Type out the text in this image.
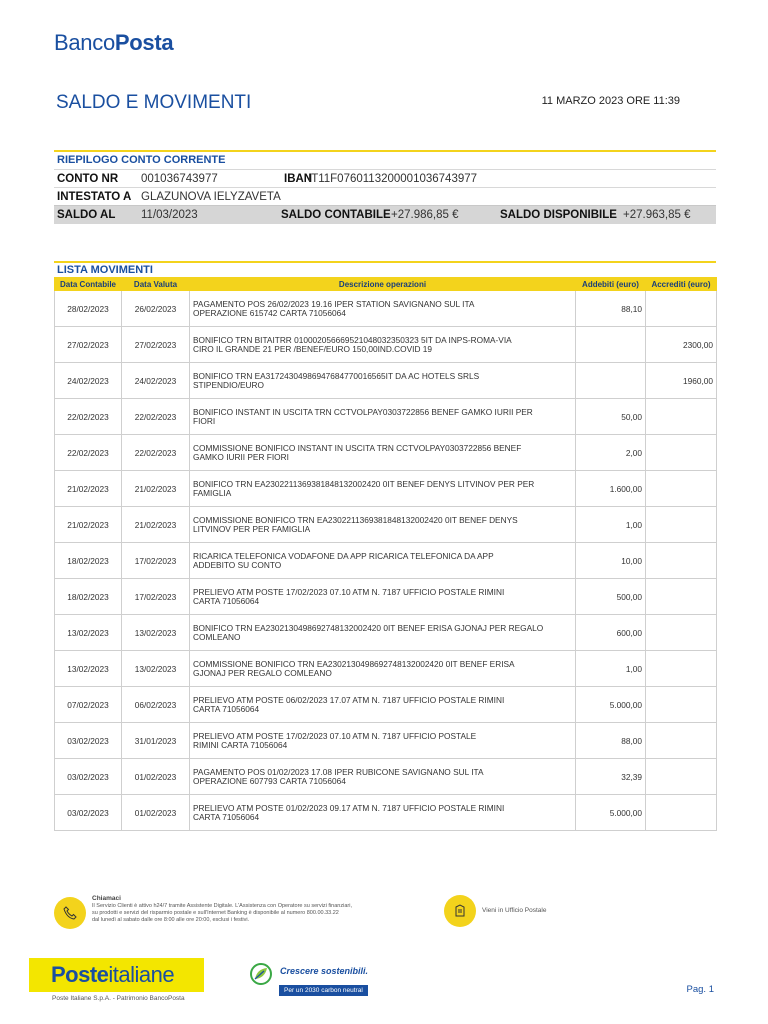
BancoPosta
SALDO E MOVIMENTI	11 MARZO 2023 ORE 11:39
RIEPILOGO CONTO CORRENTE
CONTO NR	001036743977	IBAN
IT11F0760113200001036743977
INTESTATO A GLAZUNOVA IELYZAVETA
SALDO AL	11/03/2023	SALDO CONTABILE +27.986,85 €	SALDO DISPONIBILE +27.963,85 €
LISTA MOVIMENTI
Data Contabile	Data Valuta	Descrizione operazioni	Addebiti (euro)	Accrediti (euro)
28/02/2023	26/02/2023	PAGAMENTO POS 26/02/2023 19.16 IPER STATION SAVIGNANO SUL ITA
OPERAZIONE 615742 CARTA 71056064	88,10	
27/02/2023	27/02/2023	BONIFICO TRN BITAITRR 010002056669521048032350323 5IT DA INPS-ROMA-VIA
CIRO IL GRANDE 21 PER /BENEF/EURO 150,00IND.COVID 19		2300,00
24/02/2023	24/02/2023	BONIFICO TRN EA31724304986947684770016565IT DA AC HOTELS SRLS
STIPENDIO/EURO		1960,00
22/02/2023	22/02/2023	BONIFICO INSTANT IN USCITA TRN CCTVOLPAY0303722856 BENEF GAMKO IURII PER
FIORI	50,00	
22/02/2023	22/02/2023	COMMISSIONE BONIFICO INSTANT IN USCITA TRN CCTVOLPAY0303722856 BENEF
GAMKO IURII PER FIORI	2,00	
21/02/2023	21/02/2023	BONIFICO TRN EA2302211369381848132002420 0IT BENEF DENYS LITVINOV PER PER
FAMIGLIA	1.600,00	
21/02/2023	21/02/2023	COMMISSIONE BONIFICO TRN EA2302211369381848132002420 0IT BENEF DENYS
LITVINOV PER PER FAMIGLIA	1,00	
18/02/2023	17/02/2023	RICARICA TELEFONICA VODAFONE DA APP RICARICA TELEFONICA DA APP
ADDEBITO SU CONTO	10,00	
18/02/2023	17/02/2023	PRELIEVO ATM POSTE 17/02/2023 07.10 ATM N. 7187 UFFICIO POSTALE RIMINI
CARTA 71056064	500,00	
13/02/2023	13/02/2023	BONIFICO TRN EA2302130498692748132002420 0IT BENEF ERISA GJONAJ PER REGALO
COMLEANO	600,00	
13/02/2023	13/02/2023	COMMISSIONE BONIFICO TRN EA2302130498692748132002420 0IT BENEF ERISA
GJONAJ PER REGALO COMLEANO	1,00	
07/02/2023	06/02/2023	PRELIEVO ATM POSTE 06/02/2023 17.07 ATM N. 7187 UFFICIO POSTALE RIMINI
CARTA 71056064	5.000,00	
03/02/2023	31/01/2023	PRELIEVO ATM POSTE 17/02/2023 07.10 ATM N. 7187 UFFICIO POSTALE
RIMINI CARTA 71056064	88,00	
03/02/2023	01/02/2023	PAGAMENTO POS 01/02/2023 17.08 IPER RUBICONE SAVIGNANO SUL ITA
OPERAZIONE 607793 CARTA 71056064	32,39	
03/02/2023	01/02/2023	PRELIEVO ATM POSTE 01/02/2023 09.17 ATM N. 7187 UFFICIO POSTALE RIMINI
CARTA 71056064	5.000,00	
Chiamaci
Il Servizio Clienti è attivo h24/7 tramite Assistente Digitale. L'Assistenza con Operatore su servizi finanziari,
su prodotti e servizi del risparmio postale e sull'Internet Banking è disponibile al numero 800.00.33.22
dal lunedì al sabato dalle ore 8:00 alle ore 20:00, esclusi i festivi.
Vieni in Ufficio Postale
Poste italiane
Poste Italiane S.p.A. - Patrimonio BancoPosta
Crescere sostenibili.
Per un 2030 carbon neutral	Pag. 1
